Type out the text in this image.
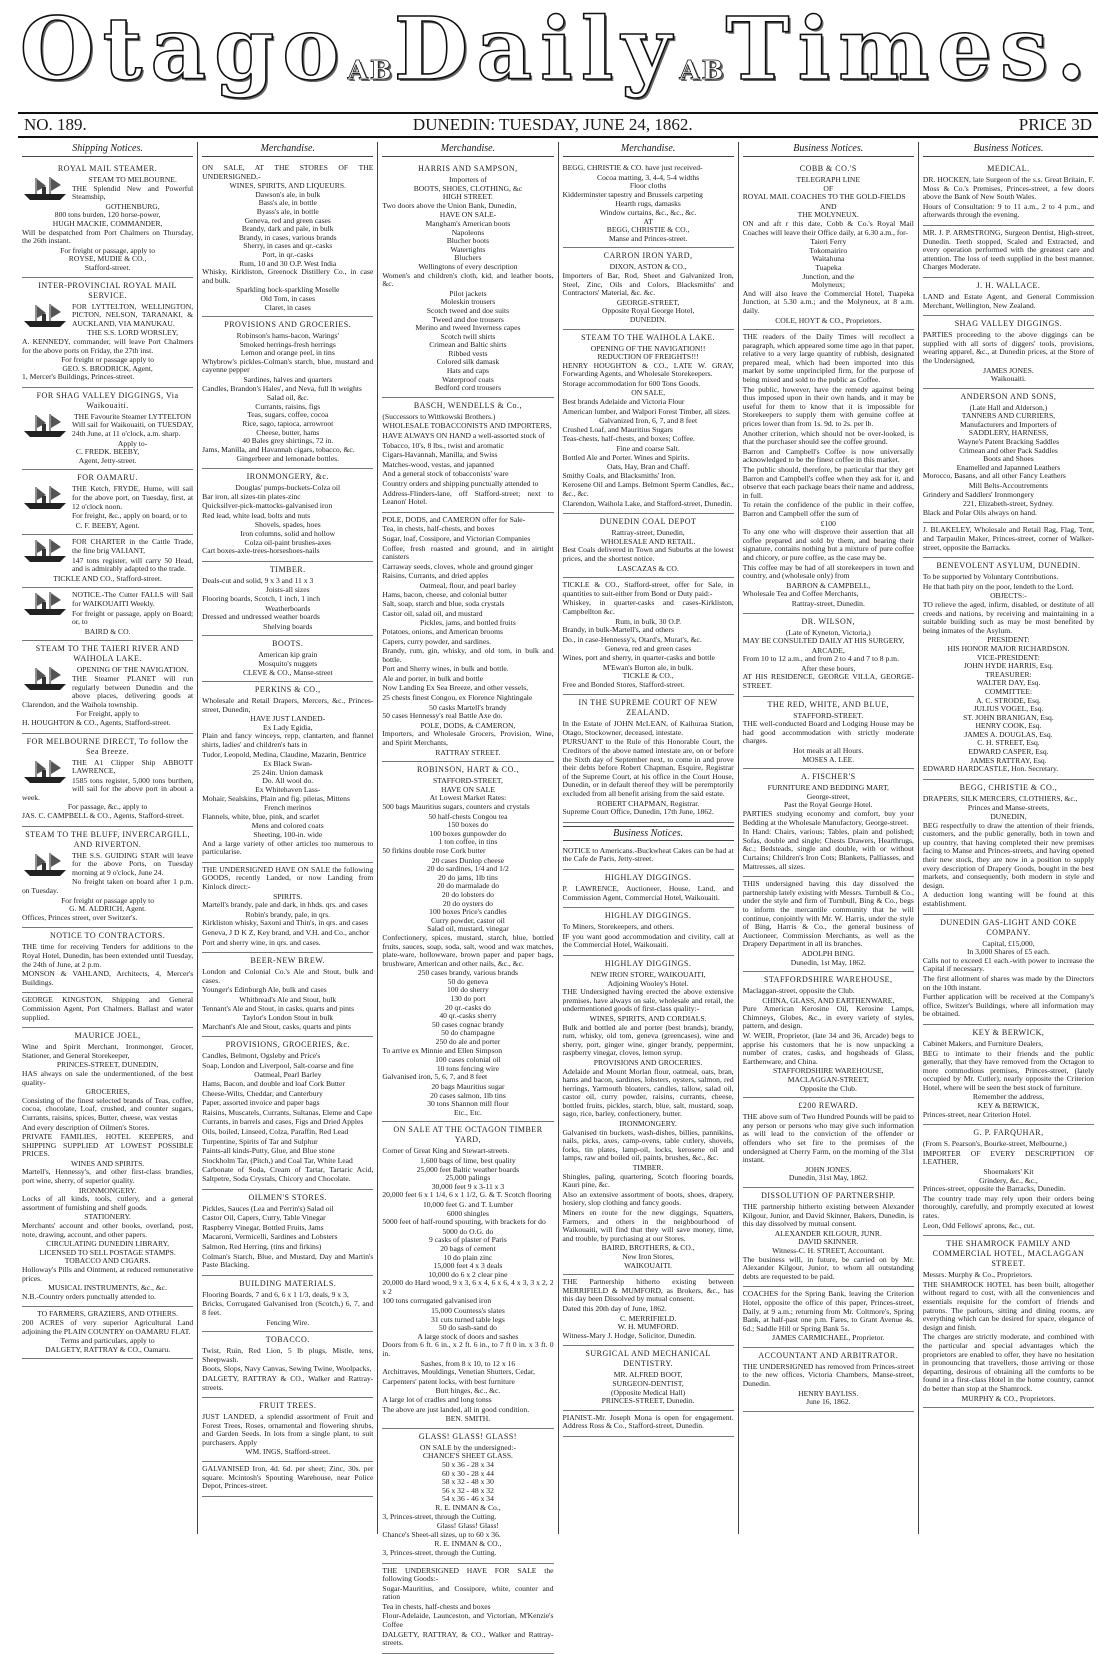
OtagoABDailyABTimes.
NO. 189.	DUNEDIN: TUESDAY, JUNE 24, 1862.	PRICE 3D
Shipping Notices.
ROYAL MAIL STEAMER.

STEAM TO MELBOURNE.

THE Splendid New and Powerful Steamship,

GOTHENBURG,

800 tons burden, 120 horse-power,

HUGH MACKIE, COMMANDER,

Will be despatched from Port Chalmers on Thursday, the 26th instant.

For freight or passage, apply to

ROYSE, MUDIE & CO.,

Stafford-street.

INTER-PROVINCIAL ROYAL MAIL SERVICE.

FOR LYTTELTON, WELLINGTON, PICTON, NELSON, TARANAKI, & AUCKLAND, VIA MANUKAU.

THE S.S. LORD WORSLEY,

A. KENNEDY, commander, will leave Port Chalmers for the above ports on Friday, the 27th inst.

For freight or passage apply to

GEO. S. BRODRICK, Agent,

1, Mercer's Buildings, Princes-street.

FOR SHAG VALLEY DIGGINGS, Via Waikouaiti.

THE Favourite Steamer LYTTELTON

Will sail for Waikouaiti, on TUESDAY, 24th June, at 11 o'clock, a.m. sharp.

Apply to-

C. FREDK. BEEBY,

Agent, Jetty-street.

FOR OAMARU.

THE Ketch, FRYDE, Hume, will sail for the above port, on Tuesday, first, at 12 o'clock noon.

For freight, &c., apply on board, or to

C. F. BEEBY, Agent.

FOR CHARTER in the Cattle Trade, the fine brig VALIANT,

147 tons register, will carry 50 Head, and is admirably adapted to the trade.

TICKLE AND CO., Stafford-street.

NOTICE.-The Cutter FALLS will Sail for WAIKOUAITI Weekly.

For freight or passage, apply on Board; or, to

BAIRD & CO.

STEAM TO THE TAIERI RIVER AND WAIHOLA LAKE.

OPENING OF THE NAVIGATION.

THE Steamer PLANET will run regularly between Dunedin and the above places, delivering goods at Clarendon, and the Waihola township.

For Freight, apply to

H. HOUGHTON & CO., Agents, Stafford-street.

FOR MELBOURNE DIRECT, To follow the Sea Breeze.

THE A1 Clipper Ship ABBOTT LAWRENCE,

1585 tons register, 5,000 tons burthen, will sail for the above port in about a week.

For passage, &c., apply to

JAS. C. CAMPBELL & CO., Agents, Stafford-street.

STEAM TO THE BLUFF, INVERCARGILL, AND RIVERTON.

THE S.S. GUIDING STAR will leave for the above Ports, on Tuesday morning at 9 o'clock, June 24.

No freight taken on board after 1 p.m. on Tuesday.

For freight or passage apply to

G. M. ALDRICH, Agent.

Offices, Princes street, over Switzer's.

NOTICE TO CONTRACTORS.

THE time for receiving Tenders for additions to the Royal Hotel, Dunedin, has been extended until Tuesday, the 24th of June, at 2 p.m.

MONSON & VAHLAND, Architects, 4, Mercer's Buildings.

GEORGE KINGSTON, Shipping and General Commission Agent, Port Chalmers. Ballast and water supplied.

MAURICE JOEL,

Wine and Spirit Merchant, Ironmonger, Grocer, Stationer, and General Storekeeper,

PRINCES-STREET, DUNEDIN,

HAS always on sale the undermentioned, of the best quality-

GROCERIES,

Consisting of the finest selected brands of Teas, coffee, cocoa, chocolate, Loaf, crushed, and counter sugars, Currants, raisins, spices, Butter, cheese, wax vestas

And every description of Oilmen's Stores.

PRIVATE FAMILIES, HOTEL KEEPERS, and SHIPPING SUPPLIED AT LOWEST POSSIBLE PRICES.

WINES AND SPIRITS.

Martell's, Hennessy's, and other first-class brandies, port wine, sherry, of superior quality.

IRONMONGERY.

Locks of all kinds, tools, cutlery, and a general assortment of furnishing and shelf goods.

STATIONERY.

Merchants' account and other books, overland, post, note, drawing, account, and other papers.

CIRCULATING DUNEDIN LIBRARY,

LICENSED TO SELL POSTAGE STAMPS.

TOBACCO AND CIGARS.

Holloway's Pills and Ointment, at reduced remunerative prices.

MUSICAL INSTRUMENTS, &c., &c.

N.B.-Country orders punctually attended to.

TO FARMERS, GRAZIERS, AND OTHERS.

200 ACRES of very superior Agricultural Land adjoining the PLAIN COUNTRY on OAMARU FLAT.

Terms and particulars, apply to

DALGETY, RATTRAY & CO., Oamaru.

Merchandise.

ON SALE, AT THE STORES OF THE UNDERSIGNED.-

WINES, SPIRITS, AND LIQUEURS.

Dawson's ale, in bulk

Bass's ale, in bottle

Byass's ale, in bottle

Geneva, red and green cases

Brandy, dark and pale, in bulk

Brandy, in cases, various brands

Sherry, in cases and qr.-casks

Port, in qr.-casks

Rum, 10 and 30 O.P. West India

Whisky, Kirkliston, Greenock Distillery Co., in case and bulk.

Sparkling hock-sparkling Moselle

Old Tom, in cases

Claret, in cases

PROVISIONS AND GROCERIES.

Robinson's hams-bacon, Warings'

Smoked herrings-fresh herrings

Lemon and orange peel, in tins

Whybrow's pickles-Colman's starch, blue, mustard and cayenne pepper

Sardines, halves and quarters

Candles, Brandon's Hales', and Neva, full lb weights

Salad oil, &c.

Currants, raisins, figs

Teas, sugars, coffee, cocoa

Rice, sago, tapioca, arrowroot

Cheese, butter, hams

40 Bales grey shirtings, 72 in.

Jams, Manilla, and Havannah cigars, tobacco, &c.

Gingerbeer and lemonade bottles.

IRONMONGERY, &c.

Douglas' pumps-buckets-Colza oil

Bar iron, all sizes-tin plates-zinc

Quicksilver-pick-mattocks-galvanised iron

Red lead, white lead, bolts and nuts

Shovels, spades, hoes

Iron columns, solid and hollow

Colza oil-paint brushes-axes

Cart boxes-axle-trees-horseshoes-nails

TIMBER.

Deals-cut and solid, 9 x 3 and 11 x 3

Joists-all sizes

Flooring boards, Scotch, 1 inch, 1 inch

Weatherboards

Dressed and undressed weather boards

Shelving boards

BOOTS.

American kip grain

Mosquito's nuggets

CLEVE & CO., Manse-street

PERKINS & CO.,

Wholesale and Retail Drapers, Mercers, &c., Princes-street, Dunedin,

HAVE JUST LANDED-

Ex Lady Egidia,

Plain and fancy winceys, repp, clantarten, and flannel shirts, ladies' and children's hats in

Tudor, Leopold, Medina, Claudine, Mazarin, Bentrice

Ex Black Swan-

25 24in. Union damask

Do. All wool do.

Ex Whitehaven Lass-

Mohair, Sealskins, Plain and fig. piletas, Mittens

French merinos

Flannels, white, blue, pink, and scarlet

Mens and colored coats

Sheeting, 100-in. wide

And a large variety of other articles too numerous to particularise.

THE UNDERSIGNED HAVE ON SALE the following GOODS, recently Landed, or now Landing from Kinlock direct:-

SPIRITS.

Martell's brandy, pale and dark, in hhds. qrs. and cases

Robin's brandy, pale, in qrs.

Kirkliston whisky, Saxoni and Thin's, in qrs. and cases

Geneva, J D K Z, Key brand, and V.H. and Co., anchor

Port and sherry wine, in qrs. and cases.

BEER-NEW BREW.

London and Colonial Co.'s Ale and Stout, bulk and cases.

Younger's Edinburgh Ale, bulk and cases

Whitbread's Ale and Stout, bulk

Tennant's Ale and Stout, in casks, quarts and pints

Taylor's London Stout in bulk

Marchant's Ale and Stout, casks, quarts and pints

PROVISIONS, GROCERIES, &c.

Candles, Belmont, Ogsleby and Price's

Soap, London and Liverpool, Salt-coarse and fine

Oatmeal, Pearl Barley

Hams, Bacon, and double and loaf Cork Butter

Cheese-Wilts, Cheddar, and Canterbury

Paper, assorted invoice and paper bags

Raisins, Muscatels, Currants, Sultanas, Eleme and Cape

Currants, in barrels and cases, Figs and Dried Apples

Oils, boiled, Linseed, Colza, Paraffin, Red Lead

Turpentine, Spirits of Tar and Sulphur

Paints-all kinds-Putty, Glue, and Blue stone

Stockholm Tar, (Pitch,) and Coal Tar, White Lead

Carbonate of Soda, Cream of Tartar, Tartaric Acid, Saltpetre, Soda Crystals, Chicory and Chocolate.

OILMEN'S STORES.

Pickles, Sauces (Lea and Perrin's) Salad oil

Castor Oil, Capers, Curry, Table Vinegar

Raspberry Vinegar, Bottled Fruits, Jams

Macaroni, Vermicelli, Sardines and Lobsters

Salmon, Red Herring, (tins and firkins)

Colman's Starch, Blue, and Mustard, Day and Martin's Paste Blacking.

BUILDING MATERIALS.

Flooring Boards, 7 and 6, 6 x 1 1/3, deals, 9 x 3,

Bricks, Corrugated Galvanised Iron (Scotch,) 6, 7, and 8 feet.

Fencing Wire.

TOBACCO.

Twist, Ruin, Red Lion, 5 lb plugs, Mistle, tens, Sheepwash.

Boots, Slops, Navy Canvas, Sewing Twine, Woolpacks,

DALGETY, RATTRAY & CO., Walker and Rattray-streets.

FRUIT TREES.

JUST LANDED, a splendid assortment of Fruit and Forest Trees, Roses, ornamental and flowering shrubs, and Garden Seeds. In lots from a single plant, to suit purchasers. Apply

WM. INGS, Stafford-street.

GALVANISED Iron, 4d. 6d. per sheet; Zinc, 30s. per square. Mcintosh's Spouting Warehouse, near Police Depot, Princes-street.

Merchandise.
HARRIS AND SAMPSON,

Importers of

BOOTS, SHOES, CLOTHING, &c

HIGH STREET.

Two doors above the Union Bank, Dunedin,

HAVE ON SALE-

Mangham's American boots

Napoleons

Blucher boots

Watertights

Bluchers

Wellingtons of every description

Women's and children's cloth, kid, and leather boots, &c.

Pilot jackets

Moleskin trousers

Scotch tweed and doe suits

Tweed and doe trousers

Merino and tweed Inverness capes

Scotch twill shirts

Crimean and Baltic shirts

Ribbed vests

Colored silk damask

Hats and caps

Waterproof coats

Bedford cord trousers

BASCH, WENDELLS & Co.,

(Successors to Wittkowski Brothers.)

WHOLESALE TOBACCONISTS AND IMPORTERS,

HAVE ALWAYS ON HAND a well-assorted stock of

Tobacco, 10's, 8 lbs., twist and aromatic

Cigars-Havannah, Manilla, and Swiss

Matches-wood, vestas, and japanned

And a general stock of tobacconists' ware

Country orders and shipping punctually attended to

Address-Flinders-lane, off Stafford-street; next to Leanon' Hotel.

POLE, DODS, and CAMERON offer for Sale-

Tea, in chests, half-chests, and boxes

Sugar, loaf, Cossipore, and Victorian Companies

Coffee, fresh roasted and ground, and in airtight canisters

Carraway seeds, cloves, whole and ground ginger

Raisins, Currants, and dried apples

Oatmeal, flour, and pearl barley

Hams, bacon, cheese, and colonial butter

Salt, soap, starch and blue, soda crystals

Castor oil, salad oil, and mustard

Pickles, jams, and bottled fruits

Potatoes, onions, and American brooms

Capers, curry powder, and sardines.

Brandy, rum, gin, whisky, and old tom, in bulk and bottle.

Port and Sherry wines, in bulk and bottle.

Ale and porter, in bulk and bottle

Now Landing Ex Sea Breeze, and other vessels,

25 chests finest Congou, ex Florence Nightingale

50 casks Martell's brandy

50 cases Hennessy's real Battle Axe do.

POLE, DODS, & CAMERON,

Importers, and Wholesale Grocers, Provision, Wine, and Spirit Merchants,

RATTRAY STREET.

ROBINSON, HART & CO.,

STAFFORD-STREET,

HAVE ON SALE

At Lowest Market Rates:

500 bags Mauritius sugars, counters and crystals

50 half-chests Congou tea

150 boxes do

100 boxes gunpowder do

1 ton coffee, in tins

50 firkins double rose Cork butter

20 cases Dunlop cheese

20 do sardines, 1/4 and 1/2

20 do jams, 1lb tins

20 do marmalade do

20 do lobsters do

20 do oysters do

100 boxes Price's candles

Curry powder, castor oil

Salad oil, mustard, vinegar

Confectionery, spices, mustard, starch, blue, bottled fruits, sauces, soap, soda, salt, wood and wax matches, plate-ware, hollowware, brown paper and paper bags, brushware, American and other nails, &c., &c.

250 cases brandy, various brands

50 do geneva

100 do sherry

130 do port

20 qr.-casks do

40 qr.-casks sherry

50 cases cognac brandy

50 do champagne

250 do ale and porter

To arrive ex Minnie and Ellen Simpson

100 cases colonial oil

10 tons fencing wire

Galvanised iron, 5, 6, 7, and 8 feet

20 bags Mauritius sugar

20 cases salmon, 1lb tins

30 tons Shannon mill flour

Etc., Etc.

ON SALE AT THE OCTAGON TIMBER YARD,

Corner of Great King and Stewart-streets.

1,600 bags of lime, best quality

25,000 feet Baltic weather boards

25,000 palings

30,000 feet 9 x 3-11 x 3

20,000 feet 6 x 1 1/4, 6 x 1 1/2, G. & T. Scotch flooring

10,000 feet G. and T. Lumber

6000 shingles

5000 feet of half-round spouting, with brackets for do

5000 do O.G. do

9 casks of plaster of Paris

20 bags of cement

10 do plain zinc

15,000 feet 4 x 3 deals

10,000 do 6 x 2 clear pine

20,000 do Hard wood, 9 x 3, 6 x 4, 6 x 6, 4 x 3, 3 x 2, 2 x 2

100 tons corrugated galvanised iron

15,000 Countess's slates

31 cuts turned table legs

50 do sash-sand do

A large stock of doors and sashes

Doors from 6 ft. 6 in., x 2 ft. 6 in., to 7 ft 0 in. x 3 ft. 0 in.

Sashes, from 8 x 10, to 12 x 16

Architraves, Mouldings, Venetian Shutters, Cedar,

Carpenters' patent locks, with best furniture

Butt hinges, &c., &c.

A large lot of cradles and long tonss

The above are just landed, all in good condition.

BEN. SMITH.

GLASS! GLASS! GLASS!

ON SALE by the undersigned:-

CHANCE'S SHEET GLASS.

50 x 36 - 28 x 34

60 x 30 - 28 x 44

58 x 32 - 48 x 30

56 x 32 - 48 x 32

54 x 36 - 46 x 34

R. E. INMAN & Co.,

3, Princes-street, through the Cutting.

Glass! Glass! Glass!

Chance's Sheet-all sizes, up to 60 x 36.

R. E. INMAN & CO.,

3, Princes-street, through the Cutting.

THE UNDERSIGNED HAVE FOR SALE the following Goods:-

Sugar-Mauritius, and Cossipore, white, counter and ration

Tea in chests, half-chests and boxes

Flour-Adelaide, Launceston, and Victorian, M'Kenzie's Coffee

DALGETY, RATTRAY, & CO., Walker and Rattray-streets.

Merchandise.

BEGG, CHRISTIE & CO. have just received-

Cocoa matting, 3, 4-4, 5-4 widths

Floor cloths

Kidderminster tapestry and Brussels carpeting

Hearth rugs, damasks

Window curtains, &c., &c., &c.

AT

BEGG, CHRISTIE & CO.,

Manse and Princes-street.

CARRON IRON YARD,

DIXON, ASTON & CO.,

Importers of Bar, Rod, Sheet and Galvanized Iron, Steel, Zinc, Oils and Colors, Blacksmiths' and Contractors' Material, &c. &c.

GEORGE-STREET,

Opposite Royal George Hotel,

DUNEDIN.

STEAM TO THE WAIHOLA LAKE.

OPENING OF THE NAVIGATION!!

REDUCTION OF FREIGHTS!!!

HENRY HOUGHTON & CO., LATE W. GRAY, Forwarding Agents, and Wholesale Storekeepers.

Storage accommodation for 600 Tons Goods.

ON SALE,

Best brands Adelaide and Victoria Flour

American lumber, and Walpori Forest Timber, all sizes.

Galvanized Iron, 6, 7, and 8 feet

Crushed Loaf, and Mauritius Sugars

Teas-chests, half-chests, and boxes; Coffee.

Fine and coarse Salt.

Bottled Ale and Porter. Wines and Spirits.

Oats, Hay, Bran and Chaff.

Smithy Coals, and Blacksmiths' Iron.

Kerosene Oil and Lamps. Belmont Sperm Candles, &c., &c., &c.

Clarendon, Waihola Lake, and Stafford-street, Dunedin.

DUNEDIN COAL DEPOT

Rattray-street, Dunedin,

WHOLESALE AND RETAIL.

Best Coals delivered in Town and Suburbs at the lowest prices, and the shortest notice.

LASCAZAS & CO.

TICKLE & CO., Stafford-street, offer for Sale, in quantities to suit-either from Bond or Duty paid:-

Whiskey, in quarter-casks and cases-Kirkliston, Campbellton &c.

Rum, in bulk, 30 O.P.

Brandy, in bulk-Martell's, and others

Do., in case-Hennessy's, Otard's, Murat's, &c.

Geneva, red and green cases

Wines, port and sherry, in quarter-casks and bottle

M'Ewan's Burton ale, in bulk.

TICKLE & CO.,

Free and Bonded Stores, Stafford-street.

IN THE SUPREME COURT OF NEW ZEALAND.

In the Estate of JOHN McLEAN, of Kaihuraa Station, Otago, Stockowner, deceased, intestate.

PURSUANT to the Rule of this Honorable Court, the Creditors of the above named intestate are, on or before the Sixth day of September next, to come in and prove their debts before Robert Chapman, Esquire, Registrar of the Supreme Court, at his office in the Court House, Dunedin, or in default thereof they will be peremptorily excluded from all benefit arising from the said estate.

ROBERT CHAPMAN, Registrar.

Supreme Court Office, Dunedin, 17th June, 1862.

Business Notices.

NOTICE to Americans.-Buckwheat Cakes can be had at the Cafe de Paris, Jetty-street.

HIGHLAY DIGGINGS.

P. LAWRENCE, Auctioneer, House, Land, and Commission Agent, Commercial Hotel, Waikouaiti.

HIGHLAY DIGGINGS.

To Miners, Storekeepers, and others.

IF you want good accommodation and civility, call at the Commercial Hotel, Waikouaiti.

HIGHLAY DIGGINGS.

NEW IRON STORE, WAIKOUAITI,

Adjoining Wooley's Hotel.

THE Undersigned having erected the above extensive premises, have always on sale, wholesale and retail, the undermentioned goods of first-class quality:-

WINES, SPIRITS, AND CORDIALS.

Bulk and bottled ale and porter (best brands), brandy, rum, whisky, old tom, geneva (greencases), wine and sherry, port, ginger wine, ginger brandy, peppermint, raspberry vinegar, cloves, lemon syrup.

PROVISIONS AND GROCERIES.

Adelaide and Mount Morlan flour, oatmeal, oats, bran, hams and bacon, sardines, lobsters, oysters, salmon, red herrings, Yarmouth bloaters, candles, tallow, salad oil, castor oil, curry powder, raisins, currants, cheese, bottled fruits, pickles, starch, blue, salt, mustard, soap, sago, rice, barley, confectionery, butter.

IRONMONGERY.

Galvanised tin buckets, wash-dishes, billies, pannikins, nails, picks, axes, camp-ovens, table cutlery, shovels, forks, tin plates, lamp-oil, locks, kerosene oil and lamps, raw and boiled oil, paints, brushes, &c., &c.

TIMBER.

Shingles, paling, quartering, Scotch flooring boards, Kauri pine, &c.

Also an extensive assortment of boots, shoes, drapery, hosiery, slop clothing and fancy goods.

Miners en route for the new diggings, Squatters, Farmers, and others in the neighbourhood of Waikouaiti, will find that they will save money, time, and trouble, by purchasing at our Stores.

BAIRD, BROTHERS, & CO.,

New Iron Stores,

WAIKOUAITI.

THE Partnership hitherto existing between MERRIFIELD & MUMFORD, as Brokers, &c., has this day been Dissolved by mutual consent.

Dated this 20th day of June, 1862.

C. MERRIFIELD.

W. H. MUMFORD.

Witness-Mary J. Hodge, Solicitor, Dunedin.

SURGICAL AND MECHANICAL DENTISTRY.

MR. ALFRED BOOT,

SURGEON-DENTIST,

(Opposite Medical Hall)

PRINCES-STREET, Dunedin.

PIANIST.-Mr. Joseph Mona is open for engagement. Address Ross & Co., Stafford-street, Dunedin.

Business Notices.
COBB & CO.'S

TELEGRAPH LINE

OF

ROYAL MAIL COACHES TO THE GOLD-FIELDS

AND

THE MOLYNEUX.

ON and aft r this date, Cobb & Co.'s Royal Mail Coaches will leave their Office daily, at 6.30 a.m., for-

Taieri Ferry

Tokomairiro

Waitahuna

Tuapeka

Junction, and the

Molyneux;

And will also leave the Commercial Hotel, Tuapeka Junction, at 5.30 a.m.; and the Molyneux, at 8 a.m. daily.

COLE, HOYT & CO., Proprietors.

THE readers of the Daily Times will recollect a paragraph, which appeared some time ago in that paper, relative to a very large quantity of rubbish, designated prepared meal, which had been imported into this market by some unprincipled firm, for the purpose of being mixed and sold to the public as Coffee.

The public, however, have the remedy against being thus imposed upon in their own hands, and it may be useful for them to know that it is impossible for Storekeepers to supply them with genuine coffee at prices lower than from 1s. 9d. to 2s. per lb.

Another criterion, which should not be over-looked, is that the purchaser should see the coffee ground.

Barron and Campbell's Coffee is now universally acknowledged to be the finest coffee in this market.

The public should, therefore, be particular that they get Barron and Campbell's coffee when they ask for it, and observe that each package bears their name and address, in full.

To retain the confidence of the public in their coffee, Barron and Campbell offer the sum of

£100

To any one who will disprove their assertion that all coffee prepared and sold by them, and bearing their signature, contains nothing but a mixture of pure coffee and chicory, or pure coffee, as the case may be.

This coffee may be had of all storekeepers in town and country, and (wholesale only) from

BARRON & CAMPBELL,

Wholesale Tea and Coffee Merchants,

Rattray-street, Dunedin.

DR. WILSON,

(Late of Kyneton, Victoria,)

MAY BE CONSULTED DAILY AT HIS SURGERY,

ARCADE,

From 10 to 12 a.m., and from 2 to 4 and 7 to 8 p.m.

After these hours,

AT HIS RESIDENCE, GEORGE VILLA, GEORGE-STREET.

THE RED, WHITE, AND BLUE,

STAFFORD-STREET.

THE well-conducted Board and Lodging House may be had good accommodation with strictly moderate charges.

Hot meals at all Hours.

MOSES A. LEE.

A. FISCHER'S

FURNITURE AND BEDDING MART,

George-street,

Past the Royal George Hotel.

PARTIES studying economy and comfort, buy your Bedding at the Wholesale Manufactory, George-street.

In Hand: Chairs, various; Tables, plain and polished; Sofas, double and single; Chests Drawers, Hearthrugs, &c.; Bedsteads, single and double, with or without Curtains; Children's Iron Cots; Blankets, Palliasses, and Mattresses, all sizes.

THIS undersigned having this day dissolved the partnership lately existing with Messrs. Turnbull & Co., under the style and firm of Turnbull, Bing & Co., begs to inform the mercantile community that he will continue, conjointly with Mr. W. Harris, under the style of Bing, Harris & Co., the general business of Auctioneer, Commission Merchants, as well as the Drapery Department in all its branches.

ADOLPH BING.

Dunedin, 1st May, 1862.

STAFFORDSHIRE WAREHOUSE,

Maclaggan-street, opposite the Club.

CHINA, GLASS, AND EARTHENWARE,

Pure American Kerosine Oil, Kerosine Lamps, Chimneys, Globes, &c., in every variety of styles, pattern, and design.

W. WEIR, Proprietor, (late 34 and 36, Arcade) begs to apprise his customers that he is now unpacking a number of crates, casks, and hogsheads of Glass, Earthenware, and China.

STAFFORDSHIRE WAREHOUSE,

MACLAGGAN-STREET,

Opposite the Club.

£200 REWARD.

THE above sum of Two Hundred Pounds will be paid to any person or persons who may give such information as will lead to the conviction of the offender or offenders who set fire to the premises of the undersigned at Cherry Farm, on the morning of the 31st instant.

JOHN JONES.

Dunedin, 31st May, 1862.

DISSOLUTION OF PARTNERSHIP.

THE partnership hitherto existing between Alexander Kilgour, Junior, and David Skinner, Bakers, Dunedin, is this day dissolved by mutual consent.

ALEXANDER KILGOUR, JUNR.

DAVID SKINNER.

Witness-C. H. STREET, Accountant.

The business will, in future, be carried on by Mr. Alexander Kilgour, Junior, to whom all outstanding debts are requested to be paid.

COACHES for the Spring Bank, leaving the Criterion Hotel, opposite the office of this paper, Princes-street, Daily, at 9 a.m.; returning from Mr. Coltmore's, Spring Bank, at half-past one p.m. Fares, to Grant Avenue 4s. 6d.; Saddle Hill or Spring Bank 5s.

JAMES CARMICHAEL, Proprietor.

ACCOUNTANT AND ARBITRATOR.

THE UNDERSIGNED has removed from Princes-street to the new offices, Victoria Chambers, Manse-street, Dunedin.

HENRY BAYLISS.

June 16, 1862.

Business Notices.
MEDICAL.

DR. HOCKEN, late Surgeon of the s.s. Great Britain, F. Moss & Co.'s Premises, Princes-street, a few doors above the Bank of New South Wales.

Hours of Consultation: 9 to 11 a.m., 2 to 4 p.m., and afterwards through the evening.

MR. J. P. ARMSTRONG, Surgeon Dentist, High-street, Dunedin. Teeth stopped, Scaled and Extracted, and every operation performed with the greatest care and attention. The loss of teeth supplied in the best manner. Charges Moderate.

J. H. WALLACE.

LAND and Estate Agent, and General Commission Merchant, Wellington, New Zealand.

SHAG VALLEY DIGGINGS.

PARTIES proceeding to the above diggings can be supplied with all sorts of diggers' tools, provisions, wearing apparel, &c., at Dunedin prices, at the Store of the Undersigned,

JAMES JONES.

Waikouaiti.

ANDERSON AND SONS,

(Late Hall and Alderson,)

TANNERS AND CURRIERS,

Manufacturers and Importers of

SADDLERY, HARNESS,

Wayne's Patent Bracking Saddles

Crimean and other Pack Saddles

Boots and Shoes

Enamelled and Japanned Leathers

Morocco, Basans, and all other Fancy Leathers

Mill Belts-Accoutrements

Grindery and Saddlers' Ironmongery

221, Elizabeth-street, Sydney.

Black and Polar Oils always on hand.

J. BLAKELEY, Wholesale and Retail Rag, Flag, Tent, and Tarpaulin Maker, Princes-street, corner of Walker-street, opposite the Barracks.

BENEVOLENT ASYLUM, DUNEDIN.

To be supported by Voluntary Contributions.

He that hath pity on the poor, lendeth to the Lord.

OBJECTS:-

TO relieve the aged, infirm, disabled, or destitute of all creeds and nations, by receiving and maintaining in a suitable building such as may be most benefited by being inmates of the Asylum.

PRESIDENT:

HIS HONOR MAJOR RICHARDSON.

VICE-PRESIDENT:

JOHN HYDE HARRIS, Esq.

TREASURER:

WALTER DAY, Esq.

COMMITTEE:

A. C. STRODE, Esq.

JULIUS VOGEL, Esq.

ST. JOHN BRANIGAN, Esq.

HENRY COOK, Esq.

JAMES A. DOUGLAS, Esq.

C. H. STREET, Esq.

EDWARD CASPER, Esq.

JAMES RATTRAY, Esq.

EDWARD HARDCASTLE, Hon. Secretary.

BEGG, CHRISTIE & CO.,

DRAPERS, SILK MERCERS, CLOTHIERS, &c.,

Princes and Manse-streets,

DUNEDIN,

BEG respectfully to draw the attention of their friends, customers, and the public generally, both in town and up country, that having completed their new premises facing to Manse and Princes-streets, and having opened their new stock, they are now in a position to supply every description of Drapery Goods, bought in the best markets, and consequently, both modern in style and design.

A deduction long wanting will be found at this establishment.

DUNEDIN GAS-LIGHT AND COKE COMPANY.

Capital, £15,000,

In 3,000 Shares of £5 each.

Calls not to exceed £1 each.-with power to increase the Capital if necessary.

The first allotment of shares was made by the Directors on the 10th instant.

Further application will be received at the Company's office, Switzer's Buildings, where all information may be obtained.

KEY & BERWICK,

Cabinet Makers, and Furniture Dealers,

BEG to intimate to their friends and the public generally, that they have removed from the Octagon to more commodious premises, Princes-street, (lately occupied by Mr. Cutler), nearly opposite the Criterion Hotel, where will be seen the best stock of furniture.

Remember the address,

KEY & BERWICK,

Princes-street, near Criterion Hotel.

G. P. FARQUHAR,

(From S. Pearson's, Bourke-street, Melbourne,)

IMPORTER OF EVERY DESCRIPTION OF LEATHER,

Shoemakers' Kit

Grindery, &c., &c.,

Princes-street, opposite the Barracks, Dunedin.

The country trade may rely upon their orders being thoroughly, carefully, and promptly executed at lowest rates.

Leon, Odd Fellows' aprons, &c., cut.

THE SHAMROCK FAMILY AND COMMERCIAL HOTEL, MACLAGGAN STREET.

Messrs. Murphy & Co., Proprietors.

THE SHAMROCK HOTEL has been built, altogether without regard to cost, with all the conveniences and essentials requisite for the comfort of friends and patrons. The parlours, sitting and dining rooms, are everything which can be desired for space, elegance of design and finish.

The charges are strictly moderate, and combined with the particular and special advantages which the proprietors are enabled to offer, they have no hesitation in pronouncing that travellers, those arriving or those departing, desirous of obtaining all the comforts to be found in a first-class Hotel in the home country, cannot do better than stop at the Shamrock.

MURPHY & CO., Proprietors.
